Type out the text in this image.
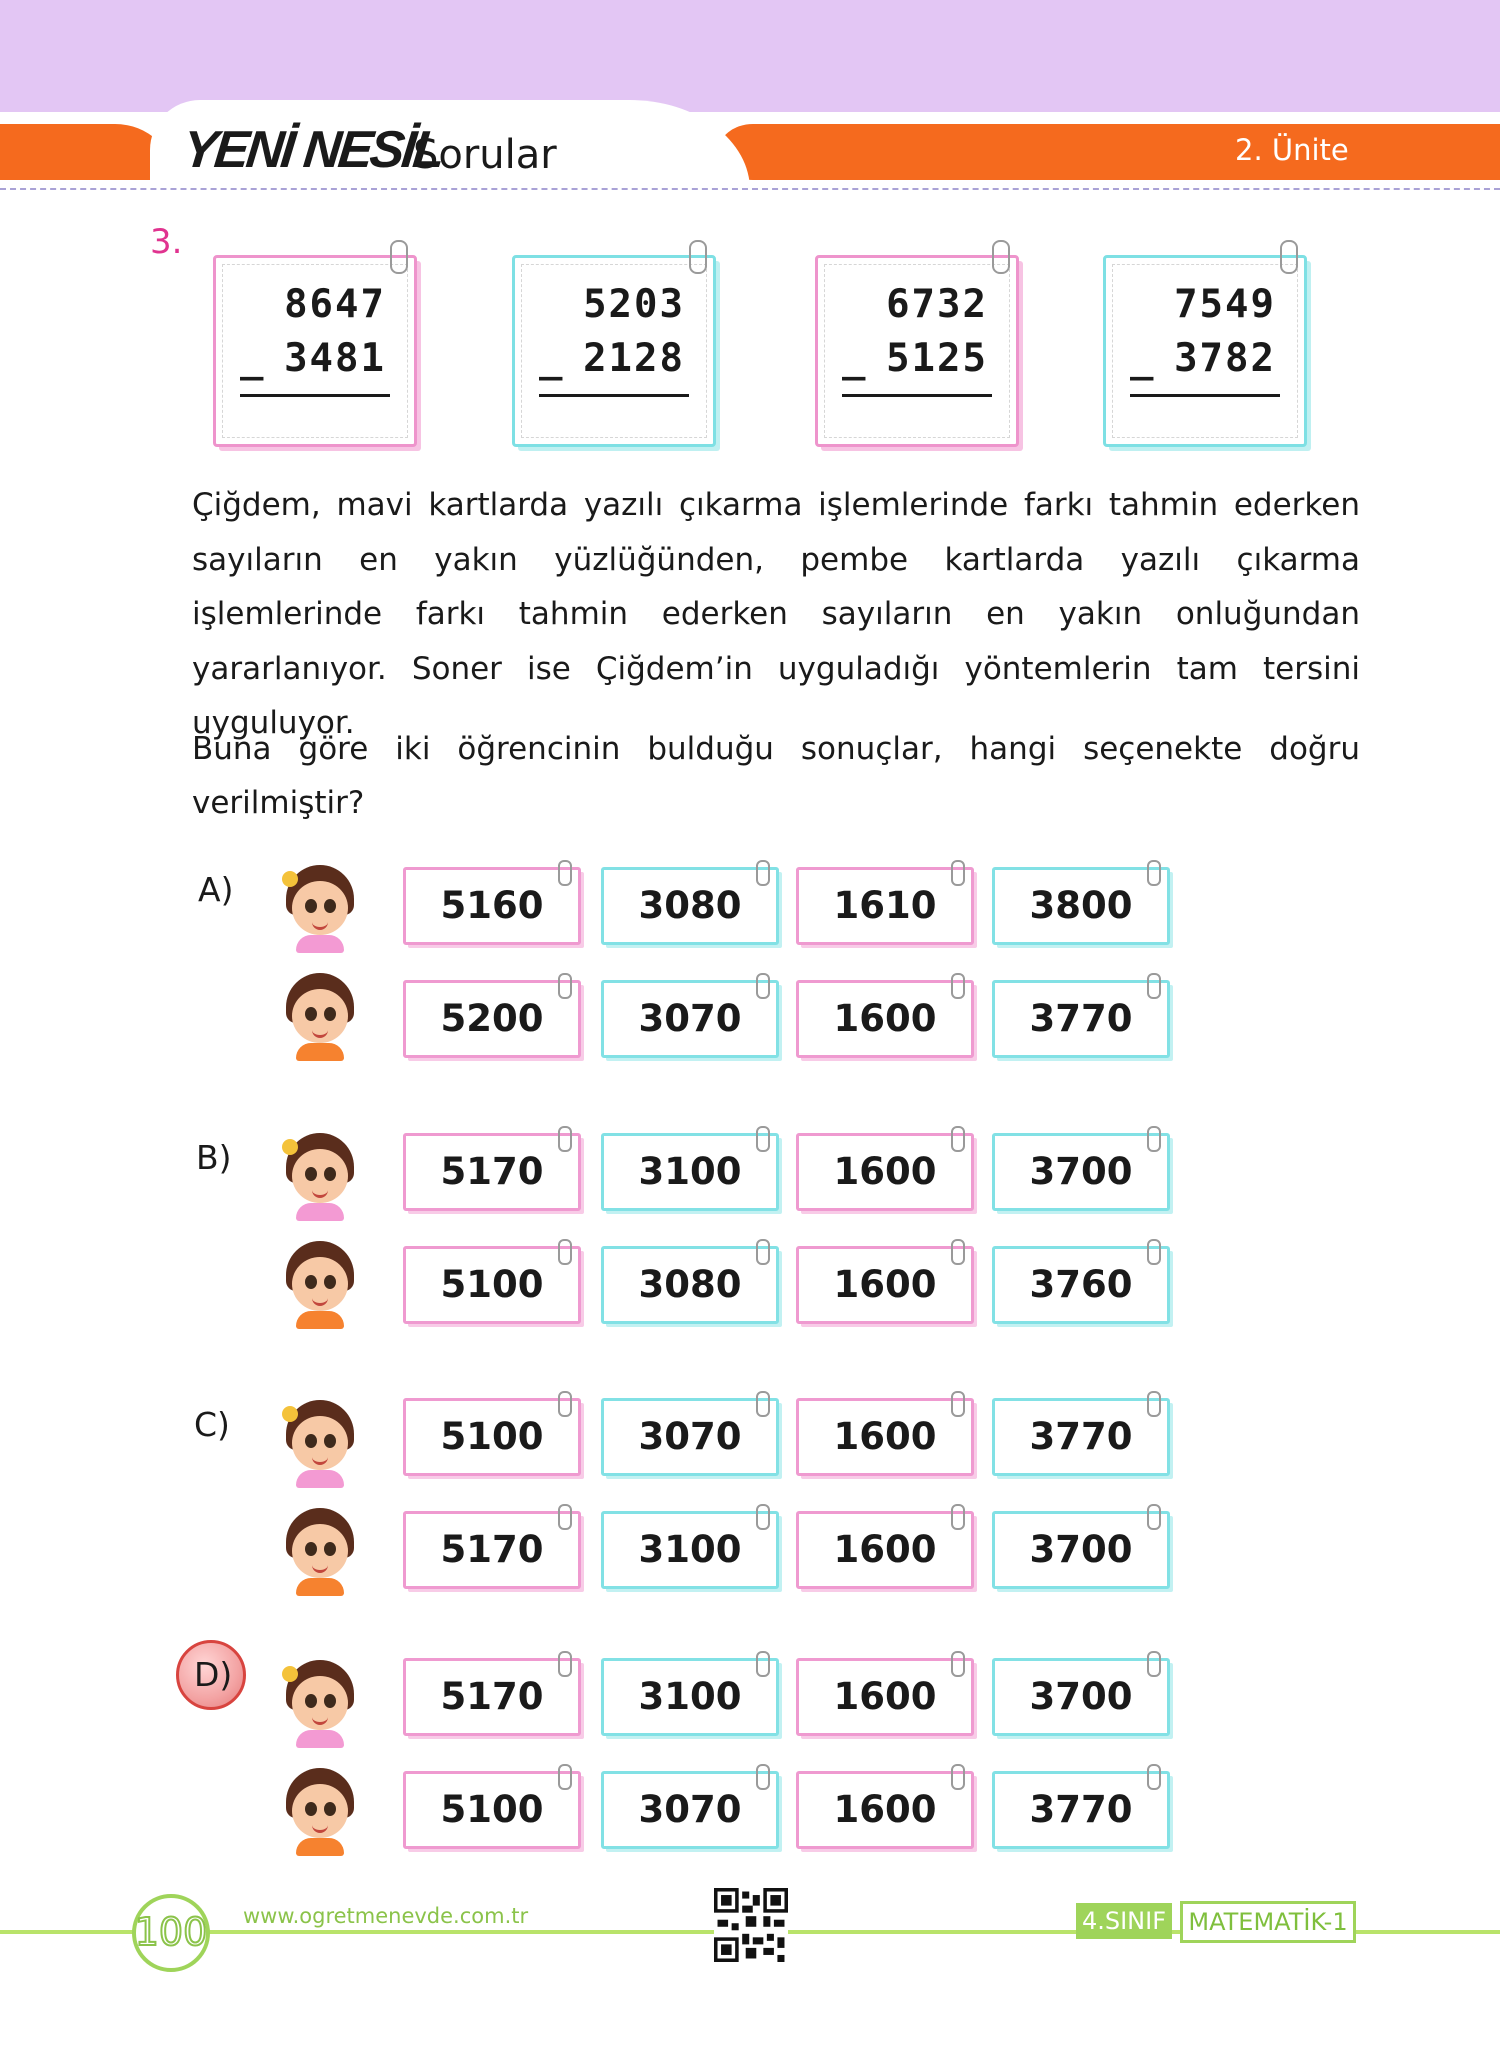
YENİ NESİL
Sorular	2. Ünite
3.
8647
_ 3481
5203
_ 2128
6732
_ 5125
7549
_ 3782
Çiğdem, mavi kartlarda yazılı çıkarma işlemlerinde farkı tahmin ederken sayıların en yakın yüzlüğünden, pembe kartlarda yazılı çıkarma işlemlerinde farkı tahmin ederken sayıların en yakın onluğundan yararlanıyor. Soner ise Çiğdem’in uyguladığı yöntemlerin tam tersini uyguluyor.
Buna göre iki öğrencinin bulduğu sonuçlar, hangi seçenekte doğru verilmiştir?
A)
B)
C)
D)
5160	3080	1610	3800
5200	3070	1600	3770
5170	3100	1600	3700
5100	3080	1600	3760
5100	3070	1600	3770
5170	3100	1600	3700
5170	3100	1600	3700
5100	3070	1600	3770
100 www.ogretmenevde.com.tr	4.SINIF MATEMATİK-1
